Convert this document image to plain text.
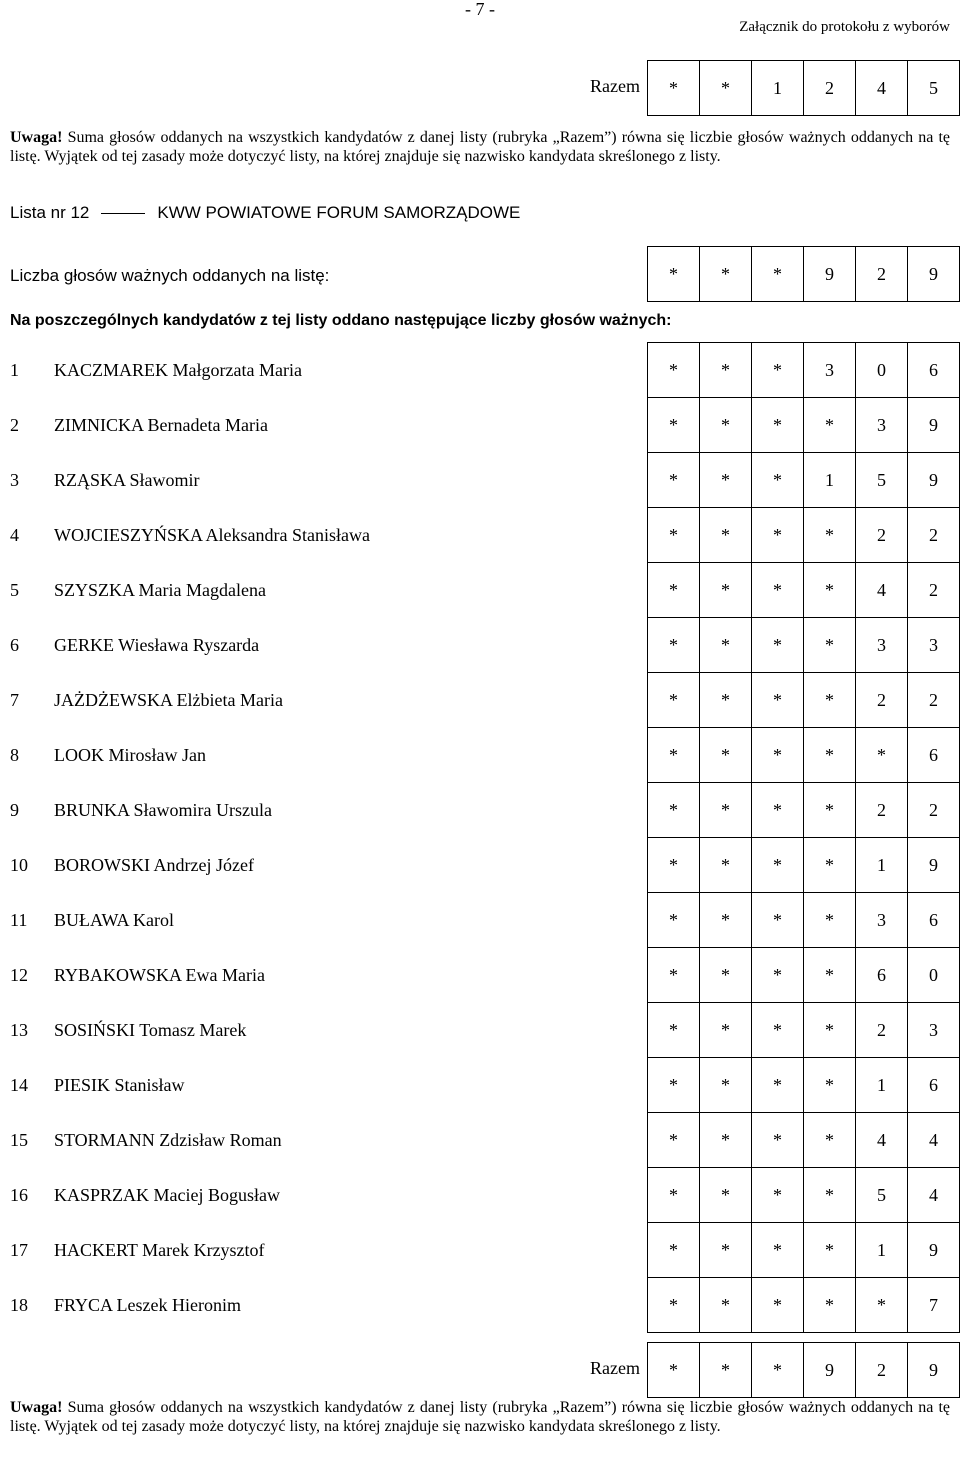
- 7 -
Załącznik do protokołu z wyborów
Razem *	*	1	2	4	5
Uwaga! Suma głosów oddanych na wszystkich kandydatów z danej listy (rubryka „Razem”) równa się liczbie głosów ważnych oddanych na tę listę. Wyjątek od tej zasady może dotyczyć listy, na której znajduje się nazwisko kandydata skreślonego z listy.
Lista nr 12	KWW POWIATOWE FORUM SAMORZĄDOWE
Liczba głosów ważnych oddanych na listę:	*	*	*	9	2	9
Na poszczególnych kandydatów z tej listy oddano następujące liczby głosów ważnych:
1 KACZMAREK Małgorzata Maria	*	*	*	3	0	6
2 ZIMNICKA Bernadeta Maria	*	*	*	*	3	9
3 RZĄSKA Sławomir	*	*	*	1	5	9
4 WOJCIESZYŃSKA Aleksandra Stanisława	*	*	*	*	2	2
5 SZYSZKA Maria Magdalena	*	*	*	*	4	2
6 GERKE Wiesława Ryszarda	*	*	*	*	3	3
7 JAŻDŻEWSKA Elżbieta Maria	*	*	*	*	2	2
8 LOOK Mirosław Jan	*	*	*	*	*	6
9 BRUNKA Sławomira Urszula	*	*	*	*	2	2
10 BOROWSKI Andrzej Józef	*	*	*	*	1	9
11 BUŁAWA Karol	*	*	*	*	3	6
12 RYBAKOWSKA Ewa Maria	*	*	*	*	6	0
13 SOSIŃSKI Tomasz Marek	*	*	*	*	2	3
14 PIESIK Stanisław	*	*	*	*	1	6
15 STORMANN Zdzisław Roman	*	*	*	*	4	4
16 KASPRZAK Maciej Bogusław	*	*	*	*	5	4
17 HACKERT Marek Krzysztof	*	*	*	*	1	9
18 FRYCA Leszek Hieronim	*	*	*	*	*	7
Razem *	*	*	9	2	9
Uwaga! Suma głosów oddanych na wszystkich kandydatów z danej listy (rubryka „Razem”) równa się liczbie głosów ważnych oddanych na tę listę. Wyjątek od tej zasady może dotyczyć listy, na której znajduje się nazwisko kandydata skreślonego z listy.
